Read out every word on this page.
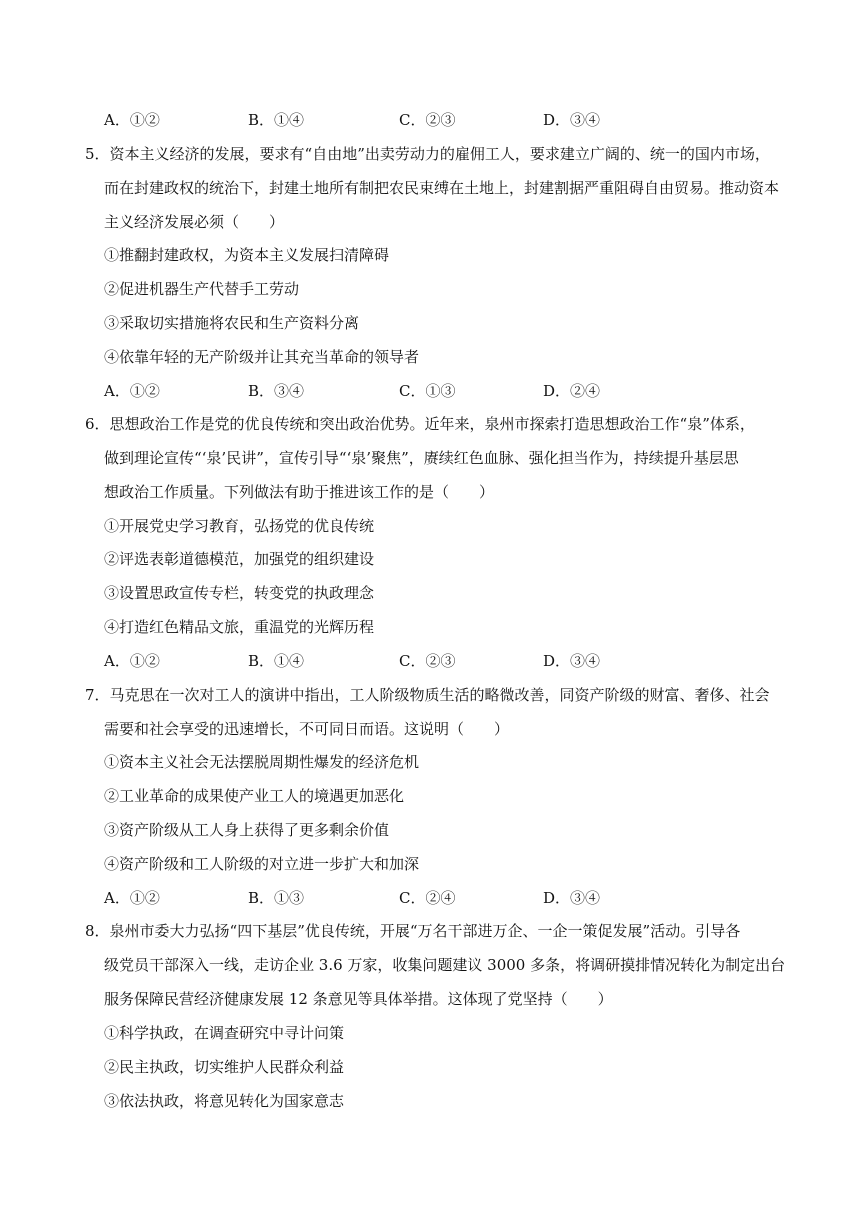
A．①②	B．①④	C．②③	D．③④
5．资本主义经济的发展，要求有“自由地”出卖劳动力的雇佣工人，要求建立广阔的、统一的国内市场，
而在封建政权的统治下，封建土地所有制把农民束缚在土地上，封建割据严重阻碍自由贸易。推动资本
主义经济发展必须（　　）
①推翻封建政权，为资本主义发展扫清障碍
②促进机器生产代替手工劳动
③采取切实措施将农民和生产资料分离
④依靠年轻的无产阶级并让其充当革命的领导者
A．①②	B．③④	C．①③	D．②④
6．思想政治工作是党的优良传统和突出政治优势。近年来，泉州市探索打造思想政治工作“泉”体系，
做到理论宣传“‘泉’民讲”，宣传引导“‘泉’聚焦”，赓续红色血脉、强化担当作为，持续提升基层思
想政治工作质量。下列做法有助于推进该工作的是（　　）
①开展党史学习教育，弘扬党的优良传统
②评选表彰道德模范，加强党的组织建设
③设置思政宣传专栏，转变党的执政理念
④打造红色精品文旅，重温党的光辉历程
A．①②	B．①④	C．②③	D．③④
7．马克思在一次对工人的演讲中指出，工人阶级物质生活的略微改善，同资产阶级的财富、奢侈、社会
需要和社会享受的迅速增长，不可同日而语。这说明（　　）
①资本主义社会无法摆脱周期性爆发的经济危机
②工业革命的成果使产业工人的境遇更加恶化
③资产阶级从工人身上获得了更多剩余价值
④资产阶级和工人阶级的对立进一步扩大和加深
A．①②	B．①③	C．②④	D．③④
8．泉州市委大力弘扬“四下基层”优良传统，开展“万名干部进万企、一企一策促发展”活动。引导各
级党员干部深入一线，走访企业 3.6 万家，收集问题建议 3000 多条，将调研摸排情况转化为制定出台
服务保障民营经济健康发展 12 条意见等具体举措。这体现了党坚持（　　）
①科学执政，在调查研究中寻计问策
②民主执政，切实维护人民群众利益
③依法执政，将意见转化为国家意志
